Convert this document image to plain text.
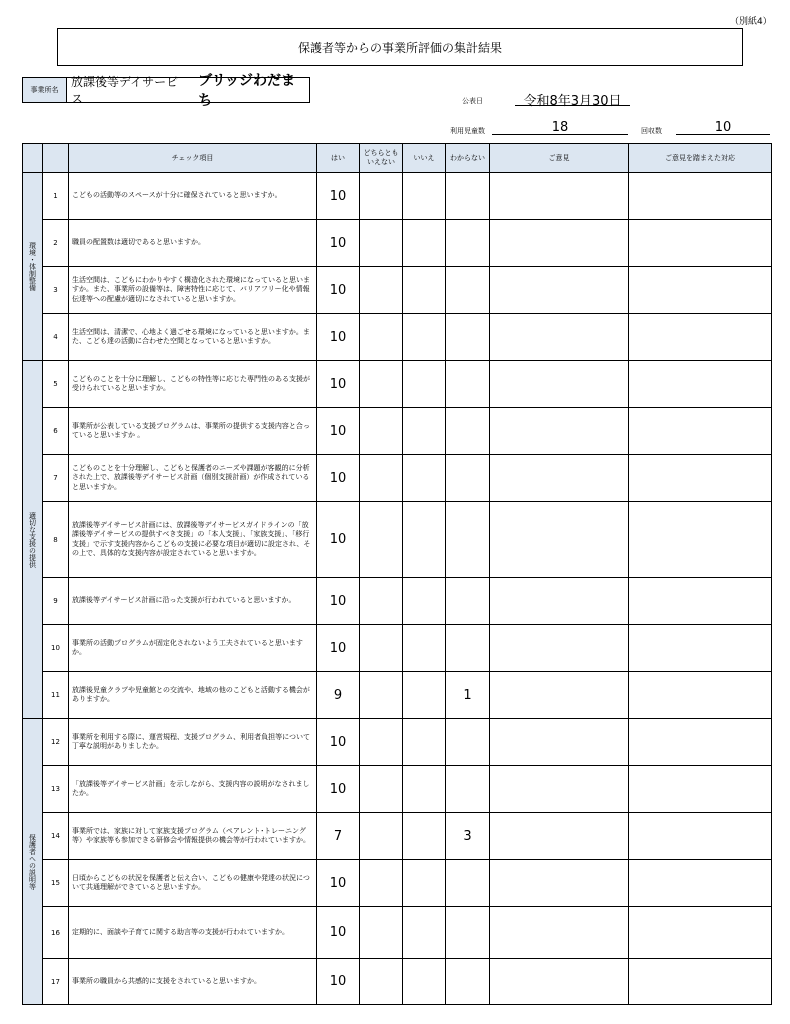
（別紙4）
保護者等からの事業所評価の集計結果
事業所名
放課後等デイサービス
ブリッジわだまち	公表日	令和8年3月30日
利用児童数	18	回収数	10
		チェック項目	はい	どちらとも いえない	いいえ	わからない	ご意見	ご意見を踏まえた対応
環境・体制整備	1	こどもの活動等のスペースが十分に確保されていると思いますか。	10					
	2	職員の配置数は適切であると思いますか。	10					
	3	生活空間は、こどもにわかりやすく構造化された環境になっていると思いますか。また、事業所の設備等は、障害特性に応じて、バリアフリー化や情報伝達等への配慮が適切になされていると思いますか。	10					
	4	生活空間は、清潔で、心地よく過ごせる環境になっていると思いますか。また、こども達の活動に合わせた空間となっていると思いますか。	10					
適切な支援の提供	5	こどものことを十分に理解し、こどもの特性等に応じた専門性のある支援が受けられていると思いますか。	10					
	6	事業所が公表している支援プログラムは、事業所の提供する支援内容と合っていると思いますか 。	10					
	7	こどものことを十分理解し、こどもと保護者のニーズや課題が客観的に分析された上で、放課後等デイサービス計画（個別支援計画）が作成されていると思いますか。	10					
	8	放課後等デイサービス計画には、放課後等デイサービスガイドラインの「放課後等デイサービスの提供すべき支援」の「本人支援」、「家族支援」、「移行支援」で示す支援内容からこどもの支援に必要な項目が適切に設定され、その上で、具体的な支援内容が設定されていると思いますか。	10					
	9	放課後等デイサービス計画に沿った支援が行われていると思いますか。	10					
	10	事業所の活動プログラムが固定化されないよう工夫されていると思いますか。	10					
	11	放課後児童クラブや児童館との交流や、地域の他のこどもと活動する機会がありますか。	9			1		
保護者への説明等	12	事業所を利用する際に、運営規程、支援プログラム、利用者負担等について丁寧な説明がありましたか。	10					
	13	「放課後等デイサービス計画」を示しながら、支援内容の説明がなされましたか。	10					
	14	事業所では、家族に対して家族支援プログラム（ペアレント･トレーニング等）や家族等も参加できる研修会や情報提供の機会等が行われていますか。	7			3		
	15	日頃からこどもの状況を保護者と伝え合い、こどもの健康や発達の状況について共通理解ができていると思いますか。	10					
	16	定期的に、面談や子育てに関する助言等の支援が行われていますか。	10					
	17	事業所の職員から共感的に支援をされていると思いますか。	10					
